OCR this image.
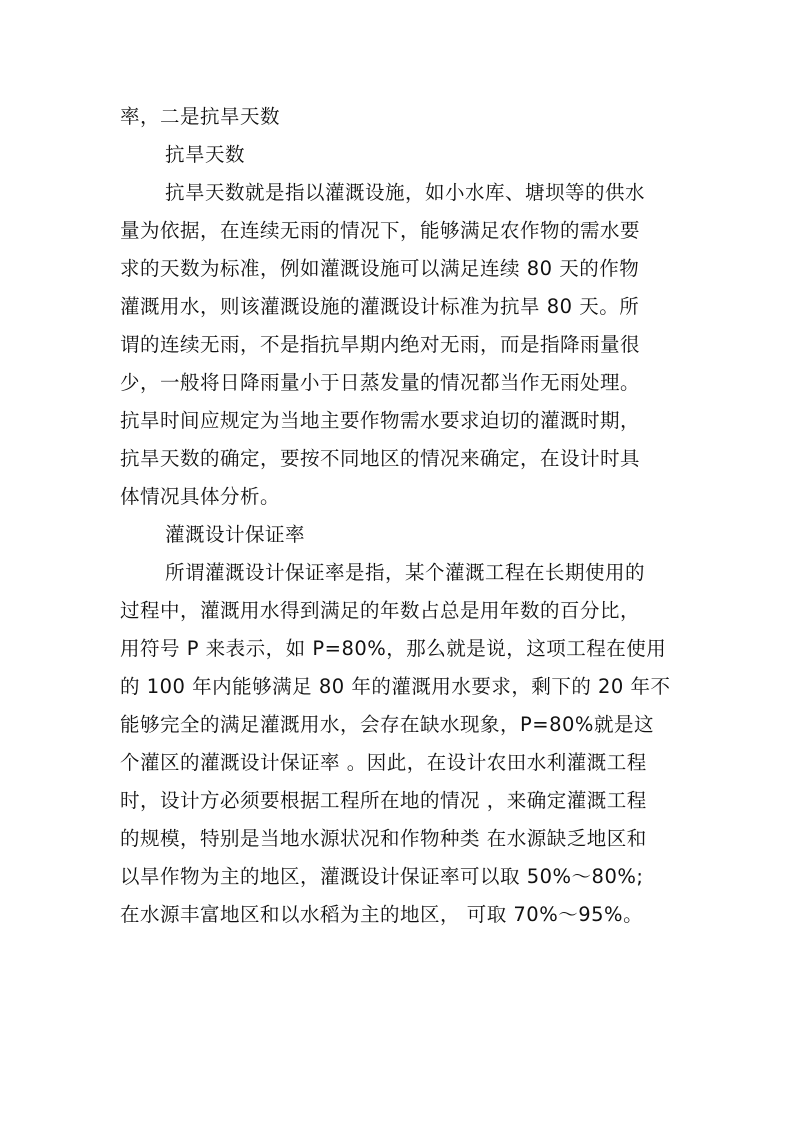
率，二是抗旱天数
抗旱天数
抗旱天数就是指以灌溉设施，如小水库、塘坝等的供水
量为依据，在连续无雨的情况下，能够满足农作物的需水要
求的天数为标准，例如灌溉设施可以满足连续 80 天的作物
灌溉用水，则该灌溉设施的灌溉设计标准为抗旱 80 天。所
谓的连续无雨，不是指抗旱期内绝对无雨，而是指降雨量很
少，一般将日降雨量小于日蒸发量的情况都当作无雨处理。
抗旱时间应规定为当地主要作物需水要求迫切的灌溉时期，
抗旱天数的确定，要按不同地区的情况来确定，在设计时具
体情况具体分析。
灌溉设计保证率
所谓灌溉设计保证率是指，某个灌溉工程在长期使用的
过程中，灌溉用水得到满足的年数占总是用年数的百分比，
用符号 P 来表示，如 P=80%，那么就是说，这项工程在使用
的 100 年内能够满足 80 年的灌溉用水要求，剩下的 20 年不
能够完全的满足灌溉用水，会存在缺水现象，P=80%就是这
个灌区的灌溉设计保证率 。因此，在设计农田水利灌溉工程
时，设计方必须要根据工程所在地的情况 ，来确定灌溉工程
的规模，特别是当地水源状况和作物种类 在水源缺乏地区和
以旱作物为主的地区，灌溉设计保证率可以取 50%～80%;
在水源丰富地区和以水稻为主的地区， 可取 70%～95%。
